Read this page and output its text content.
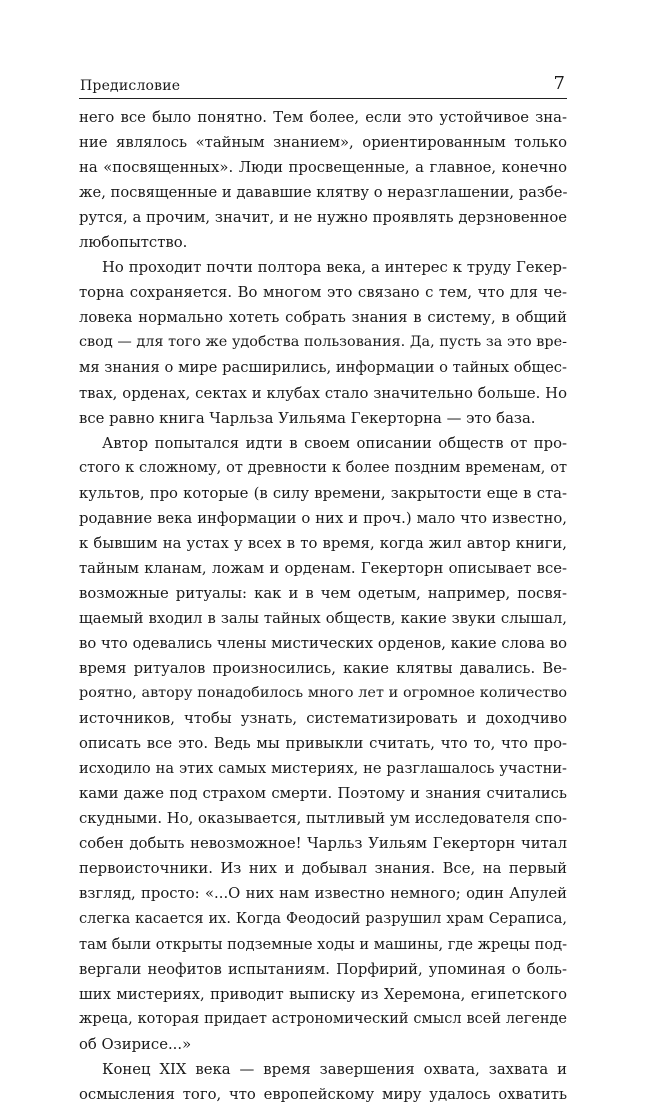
Предисловие	7
него все было понятно. Тем более, если это устойчивое зна-
ние являлось «тайным знанием», ориентированным только
на «посвященных». Люди просвещенные, а главное, конечно
же, посвященные и дававшие клятву о неразглашении, разбе-
рутся, а прочим, значит, и не нужно проявлять дерзновенное
любопытство.
Но проходит почти полтора века, а интерес к труду Гекер-
торна сохраняется. Во многом это связано с тем, что для че-
ловека нормально хотеть собрать знания в систему, в общий
свод — для того же удобства пользования. Да, пусть за это вре-
мя знания о мире расширились, информации о тайных общес-
твах, орденах, сектах и клубах стало значительно больше. Но
все равно книга Чарльза Уильяма Гекерторна — это база.
Автор попытался идти в своем описании обществ от про-
стого к сложному, от древности к более поздним временам, от
культов, про которые (в силу времени, закрытости еще в ста-
родавние века информации о них и проч.) мало что известно,
к бывшим на устах у всех в то время, когда жил автор книги,
тайным кланам, ложам и орденам. Гекерторн описывает все-
возможные ритуалы: как и в чем одетым, например, посвя-
щаемый входил в залы тайных обществ, какие звуки слышал,
во что одевались члены мистических орденов, какие слова во
время ритуалов произносились, какие клятвы давались. Ве-
роятно, автору понадобилось много лет и огромное количество
источников, чтобы узнать, систематизировать и доходчиво
описать все это. Ведь мы привыкли считать, что то, что про-
исходило на этих самых мистериях, не разглашалось участни-
ками даже под страхом смерти. Поэтому и знания считались
скудными. Но, оказывается, пытливый ум исследователя спо-
собен добыть невозможное! Чарльз Уильям Гекерторн читал
первоисточники. Из них и добывал знания. Все, на первый
взгляд, просто: «...О них нам известно немного; один Апулей
слегка касается их. Когда Феодосий разрушил храм Сераписа,
там были открыты подземные ходы и машины, где жрецы под-
вергали неофитов испытаниям. Порфирий, упоминая о боль-
ших мистериях, приводит выписку из Херемона, египетского
жреца, которая придает астрономический смысл всей легенде
об Озирисе...»
Конец XIX века — время завершения охвата, захвата и
осмысления того, что европейскому миру удалось охватить
